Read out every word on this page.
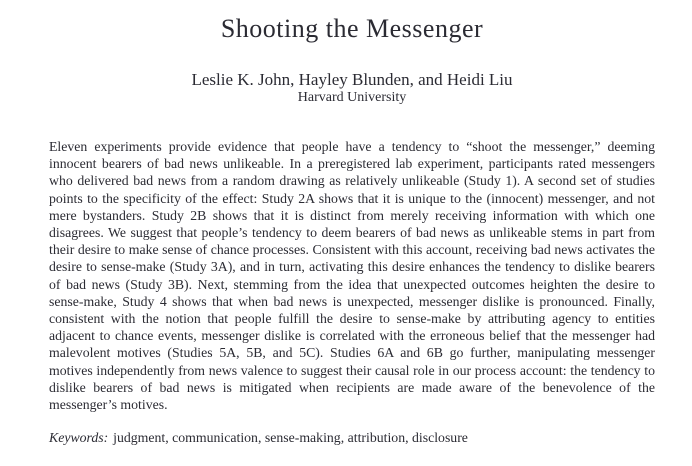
Shooting the Messenger

Leslie K. John, Hayley Blunden, and Heidi Liu

Harvard University

Eleven experiments provide evidence that people have a tendency to “shoot the messenger,” deeming innocent bearers of bad news unlikeable. In a preregistered lab experiment, participants rated messengers who delivered bad news from a random drawing as relatively unlikeable (Study 1). A second set of studies points to the specificity of the effect: Study 2A shows that it is unique to the (innocent) messenger, and not mere bystanders. Study 2B shows that it is distinct from merely receiving information with which one disagrees. We suggest that people’s tendency to deem bearers of bad news as unlikeable stems in part from their desire to make sense of chance processes. Consistent with this account, receiving bad news activates the desire to sense-make (Study 3A), and in turn, activating this desire enhances the tendency to dislike bearers of bad news (Study 3B). Next, stemming from the idea that unexpected outcomes heighten the desire to sense-make, Study 4 shows that when bad news is unexpected, messenger dislike is pronounced. Finally, consistent with the notion that people fulfill the desire to sense-make by attributing agency to entities adjacent to chance events, messenger dislike is correlated with the erroneous belief that the messenger had malevolent motives (Studies 5A, 5B, and 5C). Studies 6A and 6B go further, manipulating messenger motives independently from news valence to suggest their causal role in our process account: the tendency to dislike bearers of bad news is mitigated when recipients are made aware of the benevolence of the messenger’s motives.

Keywords: judgment, communication, sense-making, attribution, disclosure
